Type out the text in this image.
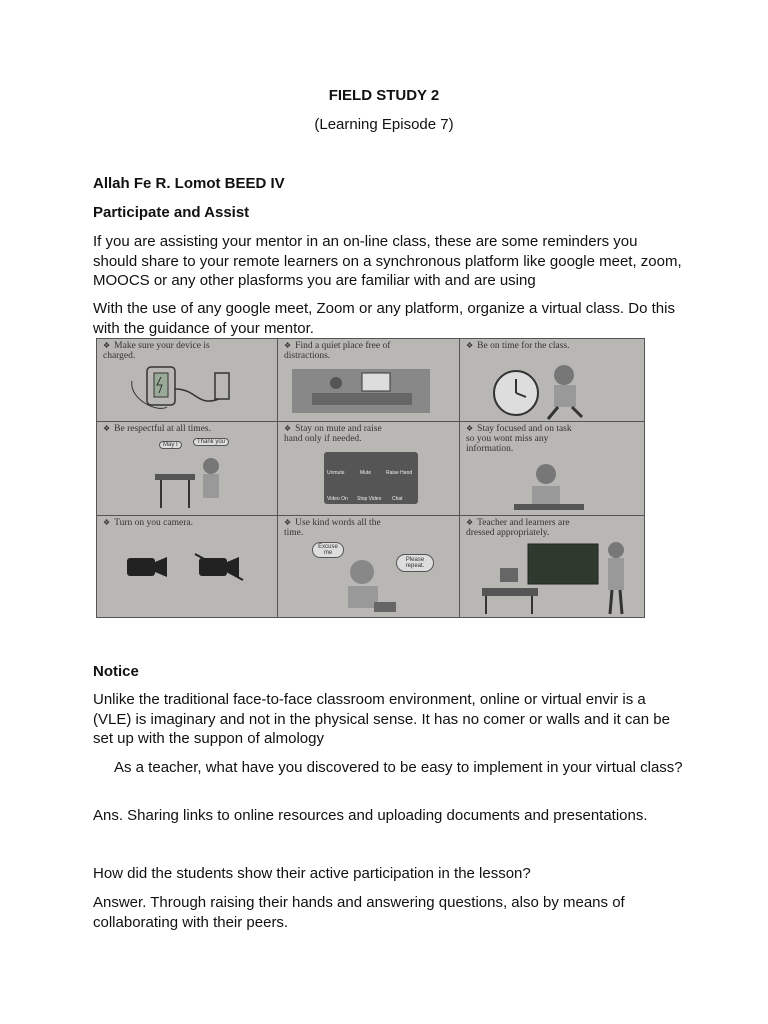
FIELD STUDY 2
(Learning Episode 7)

Allah Fe R. Lomot BEED IV

Participate and Assist

If you are assisting your mentor in an on-line class, these are some reminders you should share to your remote learners on a synchronous platform like google meet, zoom, MOOCS or any other plasforms you are familiar with and are using

With the use of any google meet, Zoom or any platform, organize a virtual class. Do this with the guidance of your mentor.

❖  Make sure your device is
charged.
❖  Find a quiet place free of
distractions.
❖  Be on time for the class.
❖  Be respectful at all times.
May I	Thank you
❖  Stay on mute and raise
hand only if needed.
Unmute	Mute	Raise Hand
Video On Stop Video Chat
❖  Stay focused and on task
so you wont miss any
information.
❖  Turn on you camera.
❖	Use kind words all the
time.
Excuse me
Please repeat.
❖  Teacher and learners are
dressed appropriately.

Notice

Unlike the traditional face-to-face classroom environment, online or virtual envir is a (VLE) is imaginary and not in the physical sense. It has no comer or walls and it can be set up with the suppon of almology

As a teacher, what have you discovered to be easy to implement in your virtual class?

Ans. Sharing links to online resources and uploading documents and presentations.

How did the students show their active participation in the lesson?

Answer. Through raising their hands and answering questions, also by means of collaborating with their peers.
